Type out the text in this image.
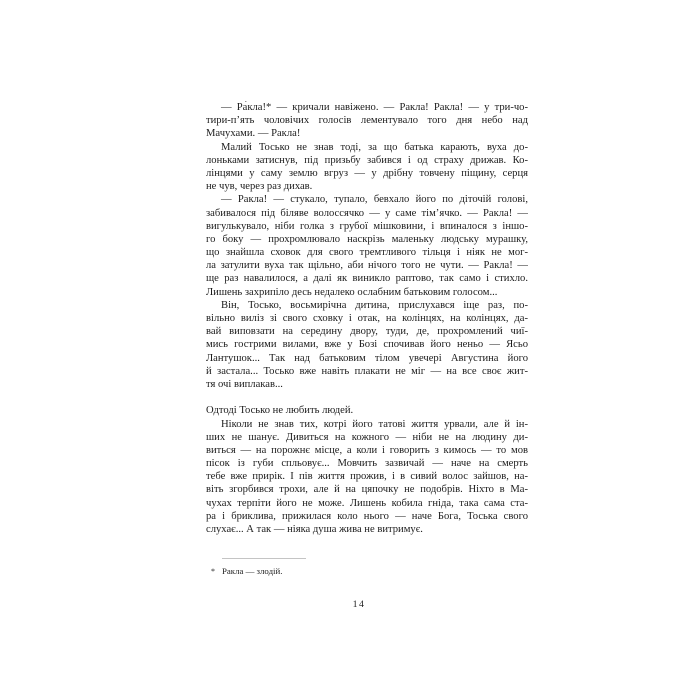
— Ра́кла!* — кричали навіжено. — Ракла! Ракла! — у три-чо-
тири-п’ять чоловічих голосів лементувало того дня небо над
Мачухами. — Ракла!
Малий Тосько не знав тоді, за що батька карають, вуха до-
лоньками затиснув, під призьбу забився і од страху дрижав. Ко-
лінцями у саму землю вгруз — у дрібну товчену піщину, серця
не чув, через раз дихав.
— Ракла! — стукало, тупало, бевхало його по діточій голові,
забивалося під біляве волоссячко — у саме тім’ячко. — Ракла! —
вигулькувало, ніби голка з грубої мішковини, і впиналося з іншо-
го боку — прохромлювало наскрізь маленьку людську мурашку,
що знайшла сховок для свого тремтливого тільця і ніяк не мог-
ла затулити вуха так щільно, аби нічого того не чути. — Ракла! —
ще раз навалилося, а далі як виникло раптово, так само і стихло.
Лишень захрипіло десь недалеко ослабним батьковим голосом...
Він, Тосько, восьмирічна дитина, прислухався іще раз, по-
вільно виліз зі свого сховку і отак, на колінцях, на колінцях, да-
вай виповзати на середину двору, туди, де, прохромлений чиї-
мись гострими вилами, вже у Бозі спочивав його неньо — Ясьо
Лантушок... Так над батьковим тілом увечері Августина його
й застала... Тосько вже навіть плакати не міг — на все своє жит-
тя очі виплакав...
Одтоді Тосько не любить людей.
Ніколи не знав тих, котрі його татові життя урвали, але й ін-
ших не шанує. Дивиться на кожного — ніби не на людину ди-
виться — на порожнє місце, а коли і говорить з кимось — то мов
пісок із губи спльовує... Мовчить зазвичай — наче на смерть
тебе вже прирік. І пів життя прожив, і в сивий волос зайшов, на-
віть згорбився трохи, але й на цяпочку не подобрів. Ніхто в Ма-
чухах терпіти його не може. Лишень кобила гніда, така сама ста-
ра і бриклива, прижилася коло нього — наче Бога, Тоська свого
слухає... А так — ніяка душа жива не витримує.
* Ракла — злодій.
14
